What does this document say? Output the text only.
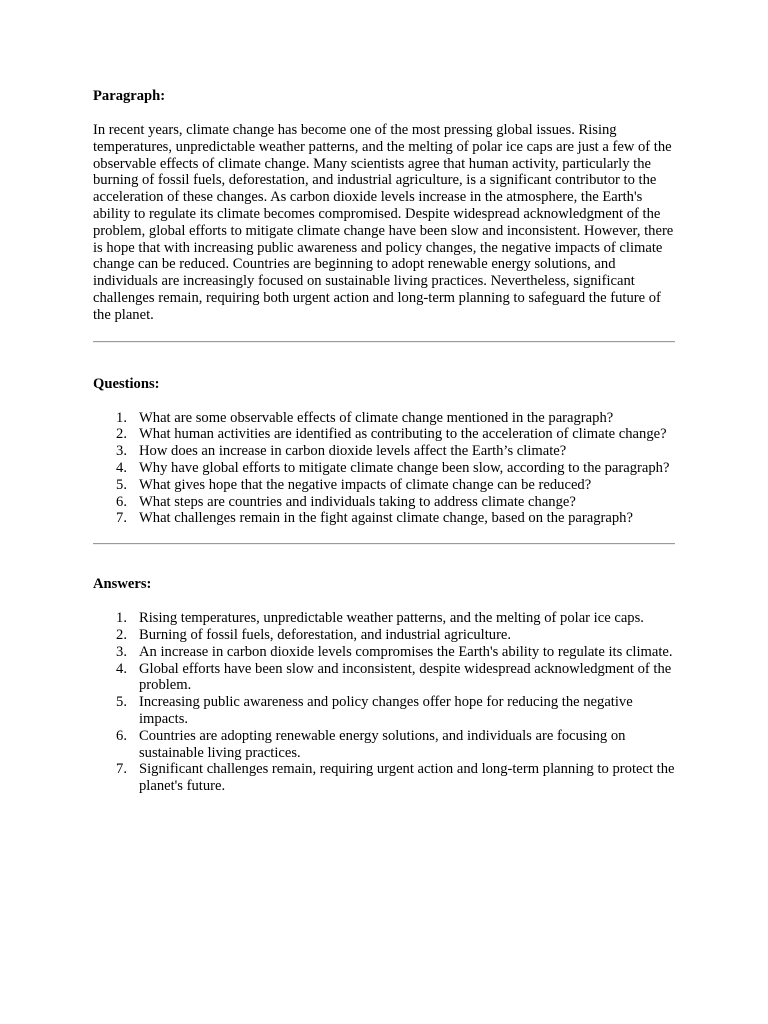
Paragraph:

In recent years, climate change has become one of the most pressing global issues. Rising temperatures, unpredictable weather patterns, and the melting of polar ice caps are just a few of the observable effects of climate change. Many scientists agree that human activity, particularly the burning of fossil fuels, deforestation, and industrial agriculture, is a significant contributor to the acceleration of these changes. As carbon dioxide levels increase in the atmosphere, the Earth's ability to regulate its climate becomes compromised. Despite widespread acknowledgment of the problem, global efforts to mitigate climate change have been slow and inconsistent. However, there is hope that with increasing public awareness and policy changes, the negative impacts of climate change can be reduced. Countries are beginning to adopt renewable energy solutions, and individuals are increasingly focused on sustainable living practices. Nevertheless, significant challenges remain, requiring both urgent action and long-term planning to safeguard the future of the planet.

Questions:

1. What are some observable effects of climate change mentioned in the paragraph?
2. What human activities are identified as contributing to the acceleration of climate change?
3. How does an increase in carbon dioxide levels affect the Earth’s climate?
4. Why have global efforts to mitigate climate change been slow, according to the paragraph?
5. What gives hope that the negative impacts of climate change can be reduced?
6. What steps are countries and individuals taking to address climate change?
7. What challenges remain in the fight against climate change, based on the paragraph?

Answers:

1. Rising temperatures, unpredictable weather patterns, and the melting of polar ice caps.
2. Burning of fossil fuels, deforestation, and industrial agriculture.
3. An increase in carbon dioxide levels compromises the Earth's ability to regulate its climate.
4. Global efforts have been slow and inconsistent, despite widespread acknowledgment of the problem.
5. Increasing public awareness and policy changes offer hope for reducing the negative impacts.
6. Countries are adopting renewable energy solutions, and individuals are focusing on sustainable living practices.
7. Significant challenges remain, requiring urgent action and long-term planning to protect the planet's future.
